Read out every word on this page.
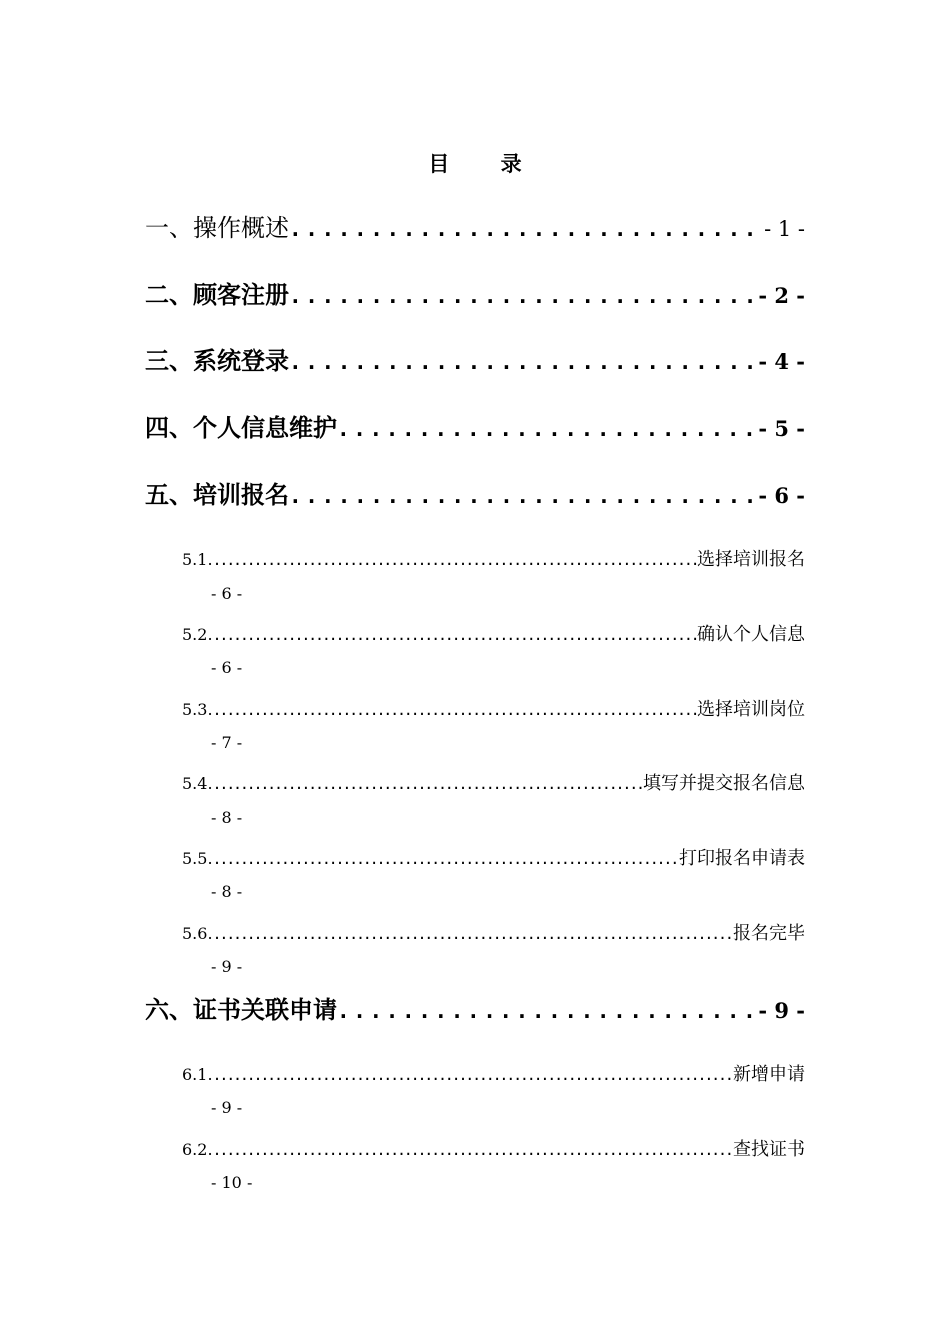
目 录
一、操作概述 .....	- 1 -
二、顾客注册 .....	- 2 -
三、系统登录 .....	- 4 -
四、个人信息维护 .....	- 5 -
五、培训报名 .....	- 6 -
5.1. .....	选择培训报名
- 6 -
5.2. .....	确认个人信息
- 6 -
5.3. .....	选择培训岗位
- 7 -
5.4. .....	填写并提交报名信息
- 8 -
5.5. .....	打印报名申请表
- 8 -
5.6. .....	报名完毕
- 9 -
六、证书关联申请 .....	- 9 -
6.1. .....	新增申请
- 9 -
6.2. .....	查找证书
- 10 -
